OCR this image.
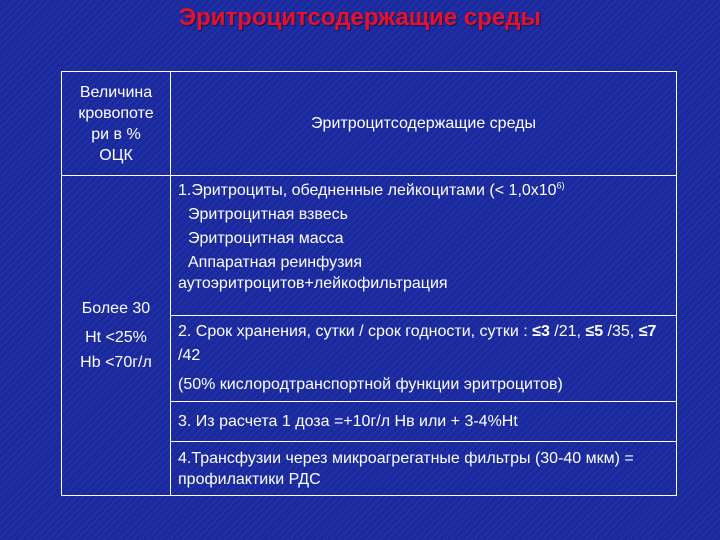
Эритроцитсодержащие среды
Величина
кровопоте
ри в %
ОЦК	Эритроцитсодержащие среды

Более 30
Ht <25%
Hb <70г/л	1.Эритроциты, обедненные лейкоцитами (< $1,0x10^{6)}$
Эритроцитная взвесь
Эритроцитная масса
Аппаратная реинфузия
аутоэритроцитов+лейкофильтрация

	2. Срок хранения, сутки / срок годности, сутки : ≤3 /21, ≤5 /35, ≤7 /42
(50% кислородтранспортной функции эритроцитов)

	3. Из расчета 1 доза =+10г/л Нв или + 3-4%Ht
	4.Трансфузии через микроагрегатные фильтры (30-40 мкм) = профилактики РДС
